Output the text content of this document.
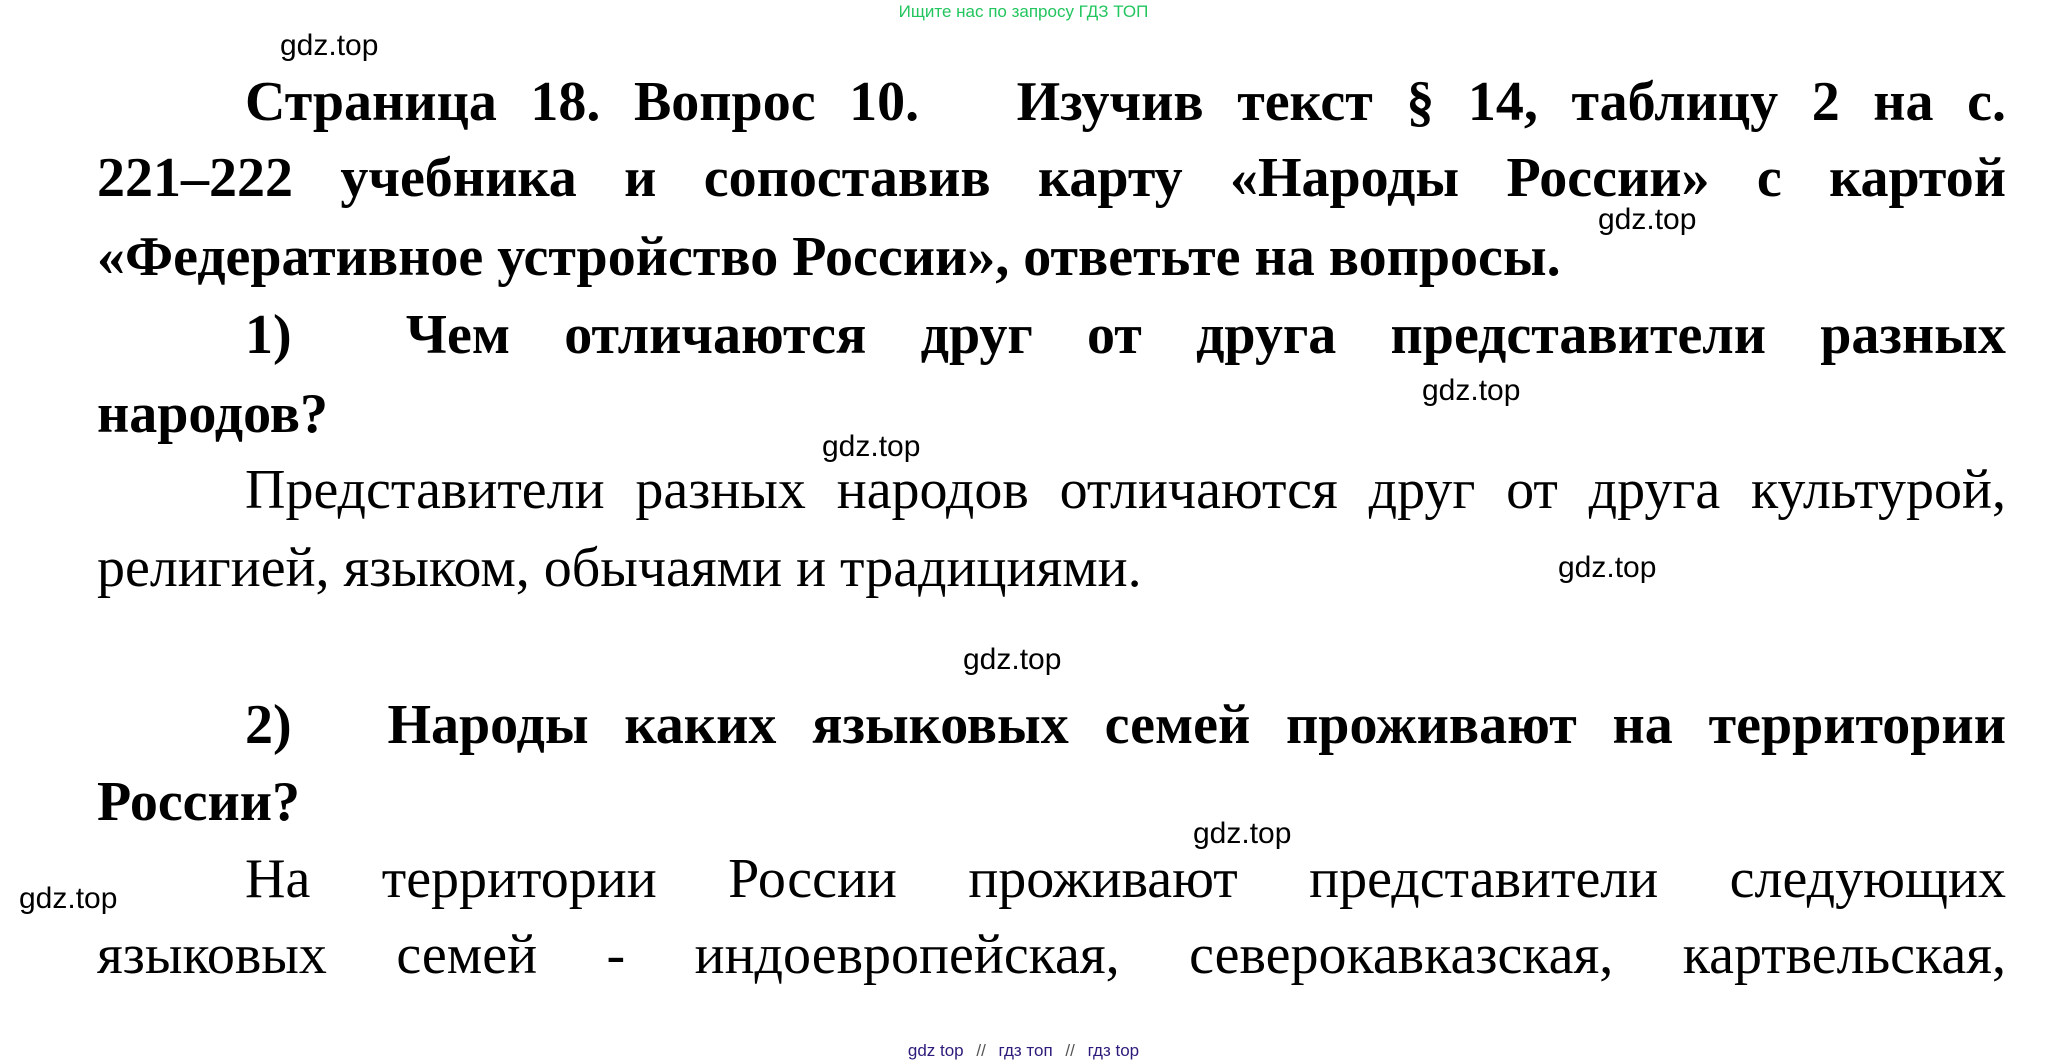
Ищите нас по запросу ГДЗ ТОП
gdz.top
gdz.top
gdz.top
gdz.top
gdz.top
gdz.top
gdz.top
gdz.top
Страница 18. Вопрос 10. Изучив текст § 14, таблицу 2 на с.
221–222 учебника и сопоставив карту «Народы России» с картой
«Федеративное устройство России», ответьте на вопросы.
1) Чем отличаются друг от друга представители разных
народов?
Представители разных народов отличаются друг от друга культурой,
религией, языком, обычаями и традициями.
2) Народы каких языковых семей проживают на территории
России?
На территории России проживают представители следующих
языковых семей - индоевропейская, северокавказская, картвельская,
gdz top // гдз топ // гдз top
